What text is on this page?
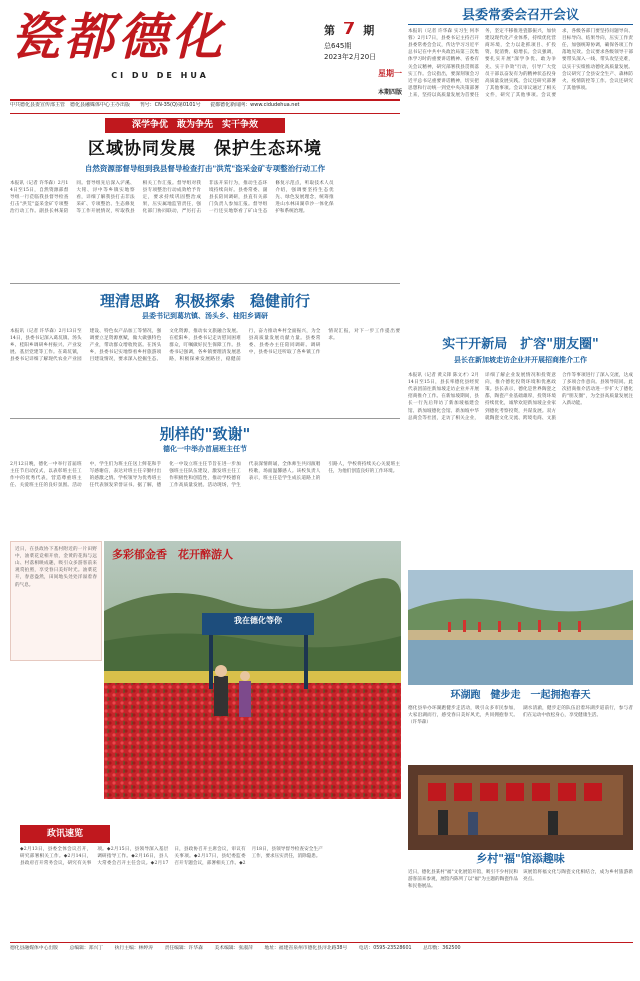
瓷都德化
CI DU DE HUA
第 7 期
总645期
2023年2月20日
星期一
本期四版
中共德化县委宣传部主管　德化县融媒体中心主办出版 刊号：CN-35(Q)第0101号 瓷都德化新闻网：www.cidudehua.net
深学争优　敢为争先　实干争效
区域协同发展　保护生态环境
自然资源部督导组到我县督导检查打击"洪荒"盗采金矿专项整治行动工作
本报讯（记者 许华森）2月14日至15日，自然资源部督导组一行莅临我县督导检查打击"洪荒"盗采金矿专项整治行动工作。副县长林某陪同。督导组先后深入浐溪、大铭、浔中等乡镇实地察看，详细了解我县打击非法采矿、专项整治、生态修复等工作开展情况，听取我县相关工作汇报。督导组对我县专项整治行动成效给予肯定，要求持续巩固整治成果，压实属地监管责任，强化部门协同联动，严厉打击非法开采行为，推动生态环境持续向好。县委常委、副县长陪同调研，县直有关部门负责人参加汇报。督导组一行还实地察看了矿山生态修复示范点，听取技术人员介绍，强调要坚持生态优先、绿色发展理念，统筹推进山水林田湖草沙一体化保护和系统治理。
县委常委会召开会议
本报讯（记者 许华森 实习生 何李蓉）2月17日，县委书记主持召开县委常委会会议，传达学习习近平总书记在中共中央政治局第三次集体学习时的重要讲话精神、省委有关会议精神，研究部署我县贯彻落实工作。会议指出，要深刻领会习近平总书记重要讲话精神，切实把思想和行动统一到党中央决策部署上来，坚持以高质量发展为首要任务，坚定不移推进瓷都振兴，加快建设现代化产业体系，持续优化营商环境，全力以赴抓项目、扩投资、促消费、稳增长。会议强调，要扎实开展"深学争优、敢为争先、实干争效"行动，引导广大党员干部以奋发有为的精神状态投身高质量发展实践。会议还研究部署了其他事项。会议审议通过了相关文件，研究了其他事项。会议要求，各级各部门要坚持问题导向、目标导向、结果导向，压实工作责任，加强统筹协调，确保各项工作落地见效。会议要求各级领导干部要带头深入一线、带头攻坚克难，以实干实绩推动德化高质量发展。会议研究了全县安全生产、森林防火、疫情防控等工作。会议还研究了其他事项。
理清思路　积极探索　稳健前行
县委书记到葛坑镇、汤头乡、桂阳乡调研
本报讯（记者 许华森）2月13日至14日，县委书记深入葛坑镇、汤头乡、桂阳乡调研乡村振兴、产业发展、基层党建等工作。在葛坑镇，县委书记详细了解现代农业产业园建设、特色农产品加工等情况，强调要立足资源禀赋，做大做强特色产业，带动群众增收致富。在汤头乡，县委书记实地察看乡村旅游项目建设情况，要求深入挖掘生态、文化资源，推动农文旅融合发展。在桂阳乡，县委书记走访慰问困难群众，叮嘱做好民生保障工作。县委书记强调，各乡镇要理清发展思路，积极探索发展路径，稳健前行，奋力推动乡村全面振兴，为全县高质量发展贡献力量。县委常委、县委办主任陪同调研。调研中，县委书记还听取了各乡镇工作情况汇报，对下一步工作提出要求。	实干开新局　扩容"朋友圈"
县长在新加坡走访企业并开展招商推介工作
本报讯（记者 黄义锋 陈文才）2月14日至15日，县长率德化县经贸代表团前往新加坡走访企业并开展招商推介工作。在新加坡期间，县长一行先后拜访了新加坡福建会馆、新加坡德化会馆、新加坡中华总商会等社团，走访了相关企业，详细了解企业发展情况和投资意向，推介德化投资环境和优惠政策。县长表示，德化是世界陶瓷之都，陶瓷产业基础雄厚，投资环境持续优化，诚挚欢迎新加坡企业家到德化考察投资，共谋发展。双方就陶瓷文化交流、跨境电商、文旅合作等事项进行了深入交流，达成了多项合作意向。县领导陪同。此次招商推介活动进一步扩大了德化的"朋友圈"，为全县高质量发展注入新动能。
别样的"致谢"
德化一中举办首届班主任节
2月12日晚，德化一中举行首届班主任节启动仪式，以表彰班主任工作中的优秀代表，营造尊重班主任、关爱班主任的良好氛围。活动中，学生们为班主任送上鲜花和手写感谢信，表达对班主任辛勤付出的感激之情。学校领导为优秀班主任代表颁发荣誉证书。据了解，德化一中设立班主任节旨在进一步加强班主任队伍建设，激发班主任工作积极性和创造性，推动学校德育工作高质量发展。活动现场，学生代表深情朗诵，全体师生共同演唱校歌，场面温馨感人。该校负责人表示，班主任是学生成长道路上的引路人，学校将持续关心关爱班主任，为他们创造良好的工作环境。
近日，在县政协下基村附近的一片田野中，油菜花竞相开放，金黄的花海与远山、村落相映成趣，吸引众多游客前来观赏拍照，享受春日美好时光。油菜花开，春意盎然，田间地头处处洋溢着春的气息。
我在德化等你
多彩郁金香　花开醉游人
环湖跑　健步走　一起拥抱春天
德化县举办环湖跑健步走活动，吸引众多市民参加，大家沿湖而行，感受春日美好风光，共同拥抱春天。（许华森）
湖水清澈，健步走的队伍沿着环湖步道前行，参与者们在运动中放松身心，享受健康生活。
乡村"福"馆添趣味
近日，德化县某村"福"文化展馆开馆，吸引不少村民和游客前来参观，展馆内陈列了以"福"为主题的陶瓷作品和民俗展品。
该展馆将福文化与陶瓷文化相结合，成为乡村旅游新亮点。
政讯速览
◆2月13日，县委全体会议召开，研究部署相关工作。◆2月14日，县政府召开常务会议，研究有关事项。◆2月15日，县领导深入基层调研指导工作。◆2月16日，县人大常委会召开主任会议。◆2月17日，县政协召开主席会议，审议有关事项。◆2月17日，县纪委监委召开专题会议，部署相关工作。◆2月18日，县领导督导检查安全生产工作，要求压实责任，消除隐患。
德化县融媒体中心出版 总编辑：郑兴丁 执行主编：林婷涛 责任编辑：许华森 美术编辑：张淑萍 地址：福建省泉州市德化县浔北路38号 电话：0595-23528601 总印数：362500
